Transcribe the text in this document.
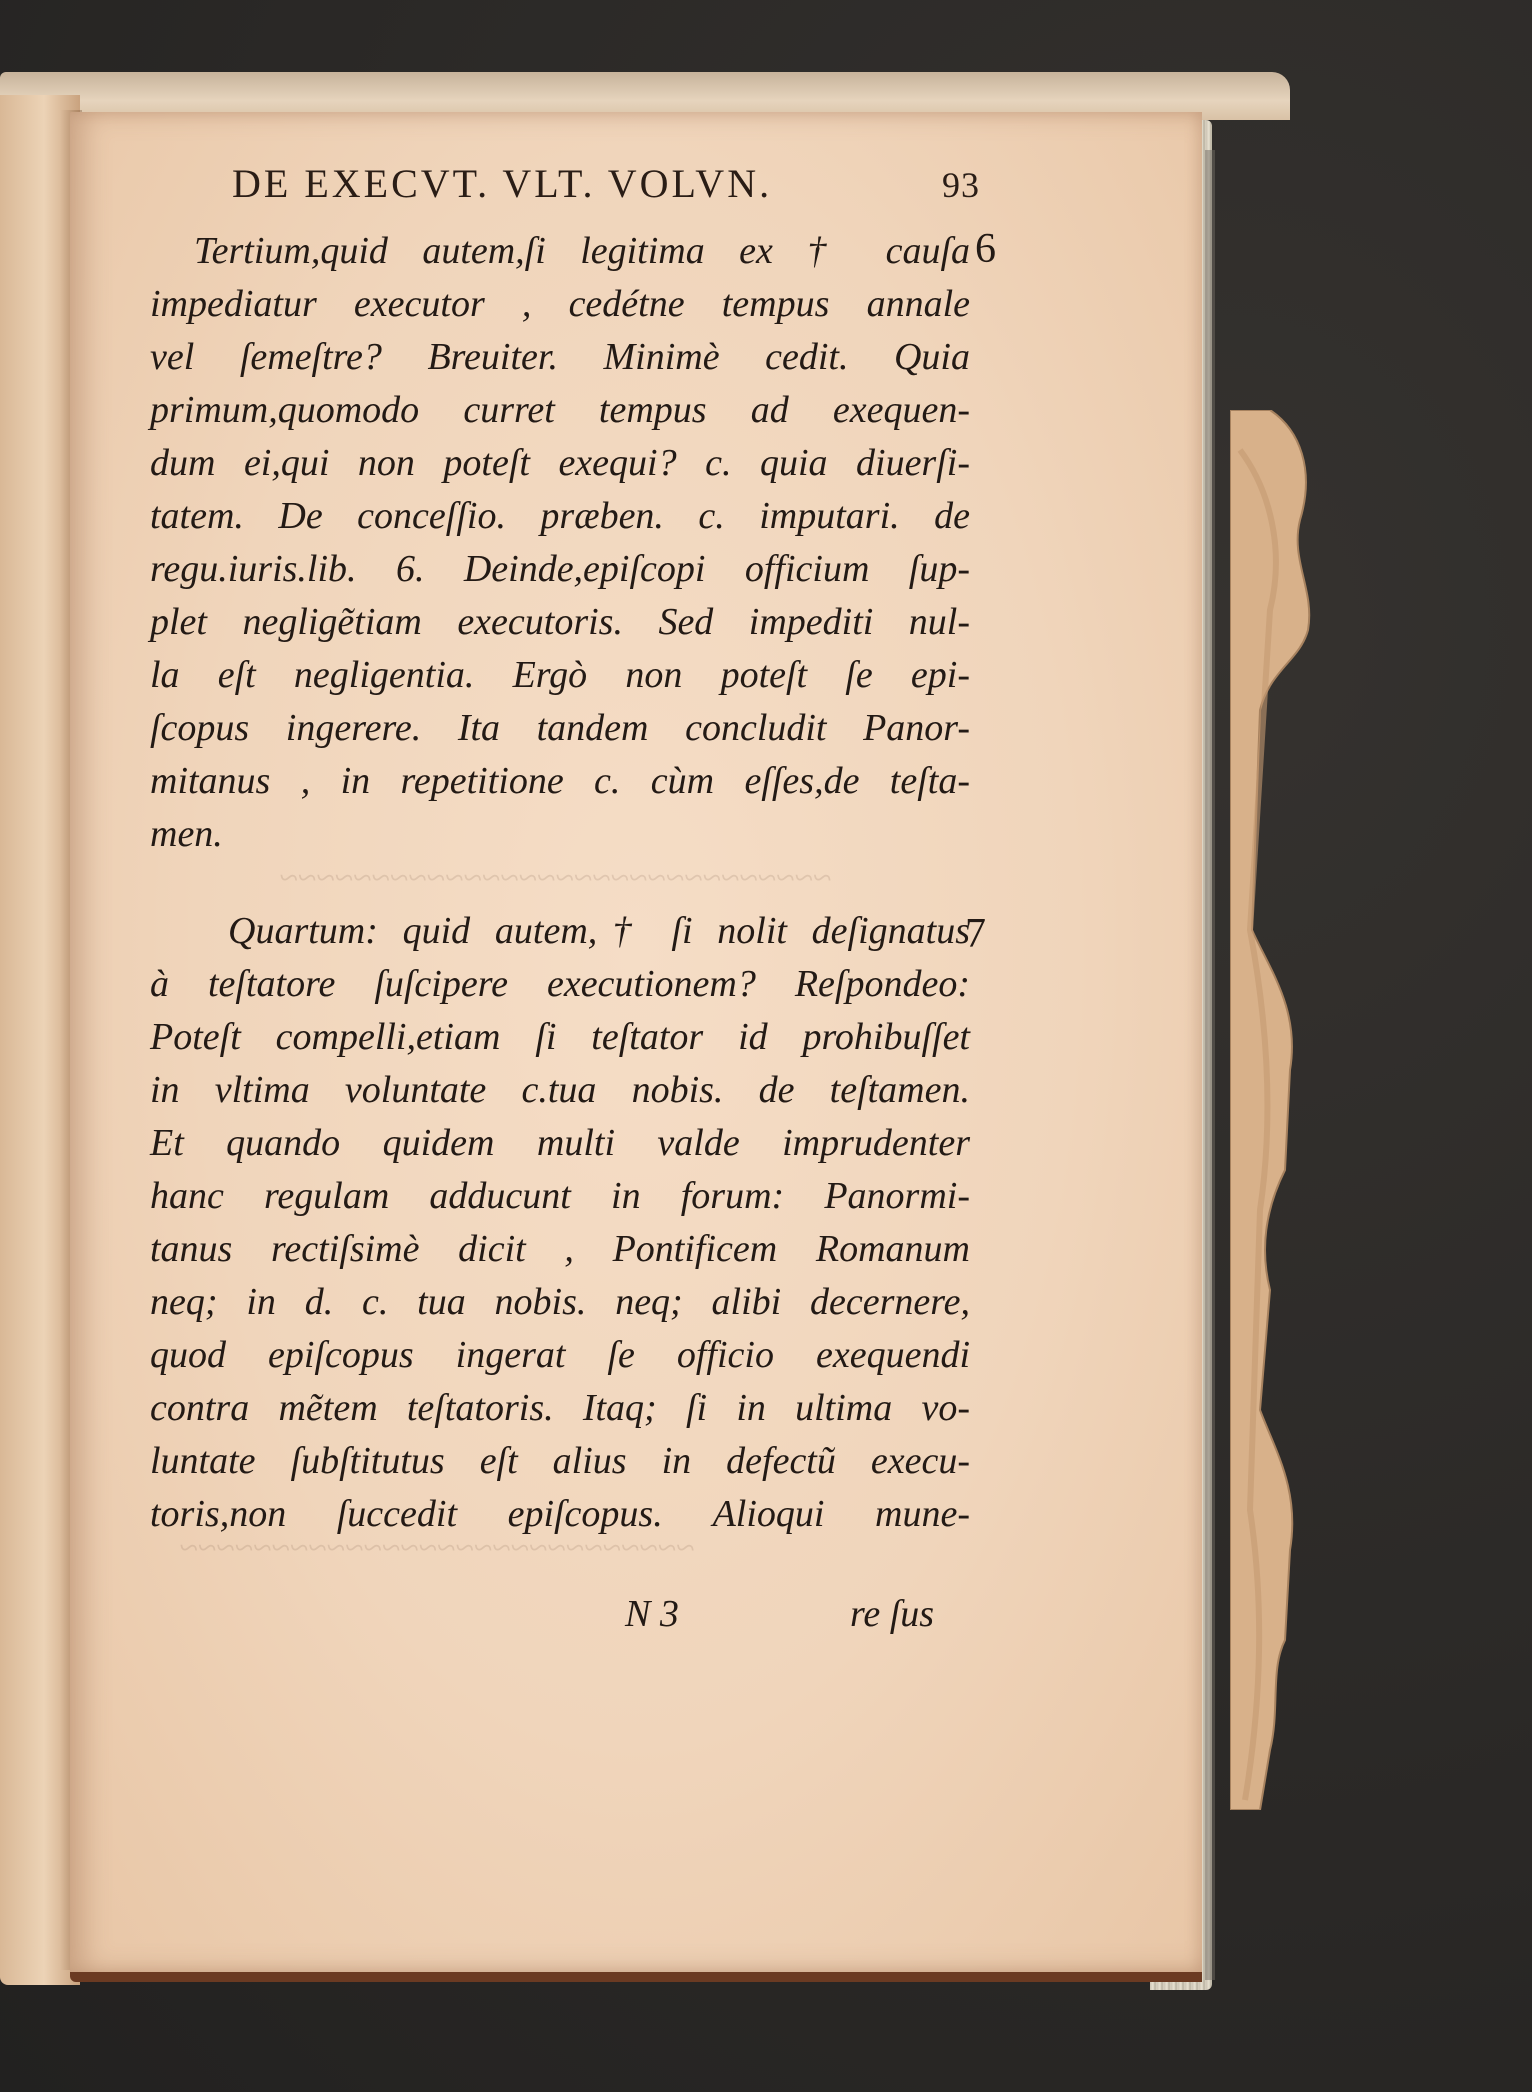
~~~~~~~~~~~~~~~~~~~~~~~~~~~~~~
~~~~~~~~~~~~~~~~~~~~~~~~~~~~
DE EXECVT. VLT. VOLVN.	93
Tertium,quid autem,ſi legitima ex † cauſa
impediatur executor , cedétne tempus annale
vel ſemeſtre? Breuiter. Minimè cedit. Quia
primum,quomodo curret tempus ad exequen-
dum ei,qui non poteſt exequi? c. quia diuerſi-
tatem. De conceſſio. præben. c. imputari. de
regu.iuris.lib. 6. Deinde,epiſcopi officium ſup-
plet negligẽtiam executoris. Sed impediti nul-
la eſt negligentia. Ergò non poteſt ſe epi-
ſcopus ingerere. Ita tandem concludit Panor-
mitanus , in repetitione c. cùm eſſes,de teſta-
men.
6
Quartum: quid autem,† ſi nolit deſignatus
à teſtatore ſuſcipere executionem? Reſpondeo:
Poteſt compelli,etiam ſi teſtator id prohibuſſet
in vltima voluntate c.tua nobis. de teſtamen.
Et quando quidem multi valde imprudenter
hanc regulam adducunt in forum: Panormi-
tanus rectiſsimè dicit , Pontificem Romanum
neq; in d. c. tua nobis. neq; alibi decernere,
quod epiſcopus ingerat ſe officio exequendi
contra mẽtem teſtatoris. Itaq; ſi in ultima vo-
luntate ſubſtitutus eſt alius in defectũ execu-
toris,non ſuccedit epiſcopus. Alioqui mune-
7
N 3	re ſus
